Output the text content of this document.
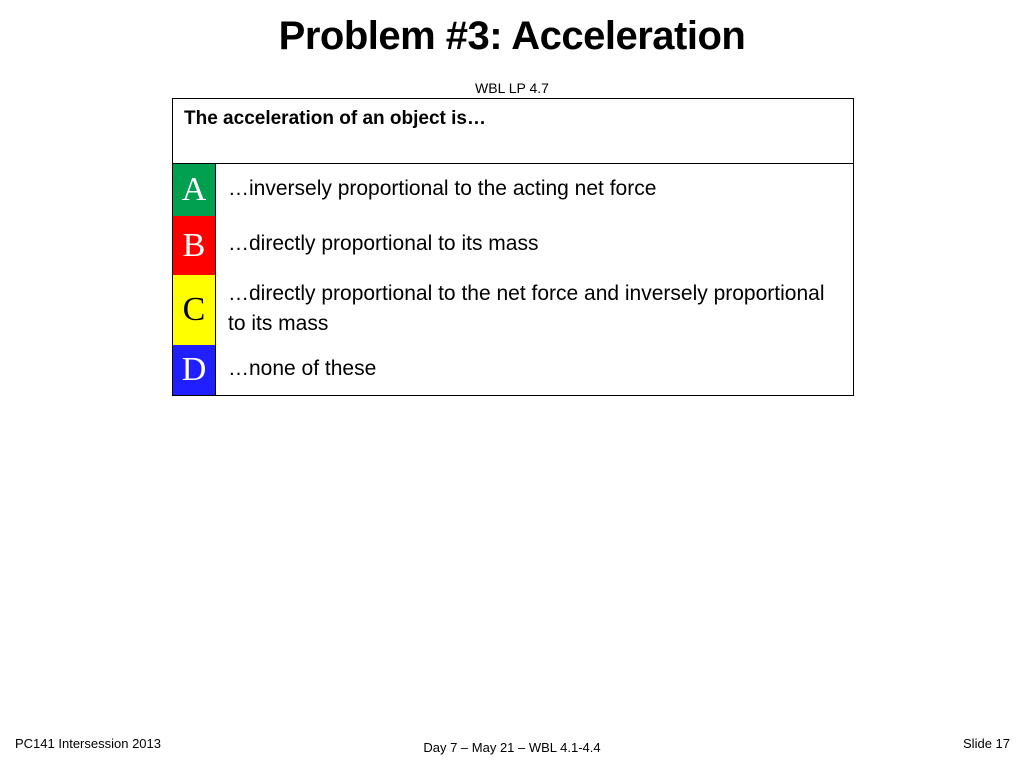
Problem #3: Acceleration
WBL LP 4.7
The acceleration of an object is…
A	…inversely proportional to the acting net force
B	…directly proportional to its mass
C	…directly proportional to the net force and inversely proportional to its mass
D	…none of these
PC141 Intersession 2013	Day 7 – May 21 – WBL 4.1-4.4	Slide 17
